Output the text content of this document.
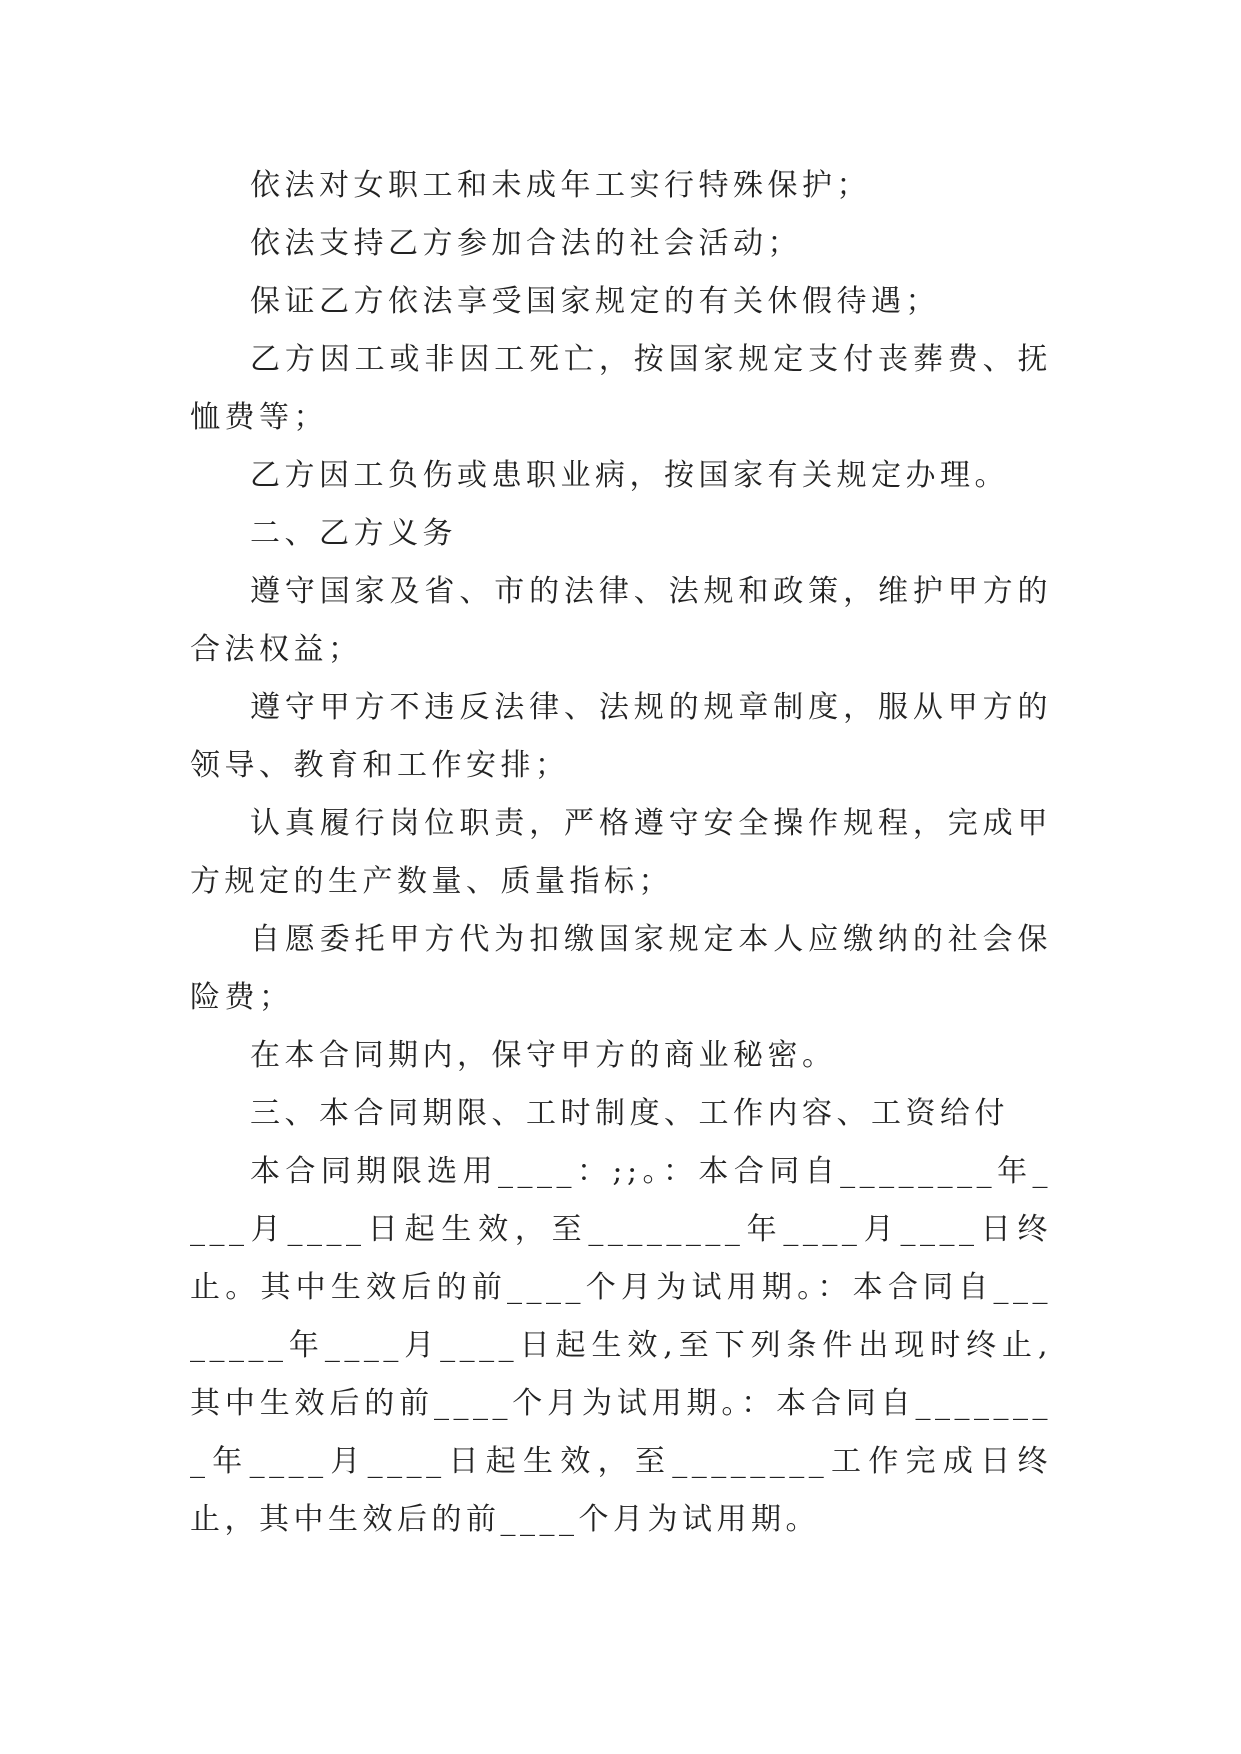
依法对女职工和未成年工实行特殊保护；

依法支持乙方参加合法的社会活动；

保证乙方依法享受国家规定的有关休假待遇；

乙方因工或非因工死亡，按国家规定支付丧葬费、抚恤费等；

乙方因工负伤或患职业病，按国家有关规定办理。

二、乙方义务

遵守国家及省、市的法律、法规和政策，维护甲方的合法权益；

遵守甲方不违反法律、法规的规章制度，服从甲方的领导、教育和工作安排；

认真履行岗位职责，严格遵守安全操作规程，完成甲方规定的生产数量、质量指标；

自愿委托甲方代为扣缴国家规定本人应缴纳的社会保险费；

在本合同期内，保守甲方的商业秘密。

三、本合同期限、工时制度、工作内容、工资给付

本合同期限选用____：;;。：本合同自________年____月____日起生效，至________年____月____日终止。其中生效后的前____个月为试用期。：本合同自________年____月____日起生效,至下列条件出现时终止,其中生效后的前____个月为试用期。：本合同自________年____月____日起生效，至________工作完成日终止，其中生效后的前____个月为试用期。
